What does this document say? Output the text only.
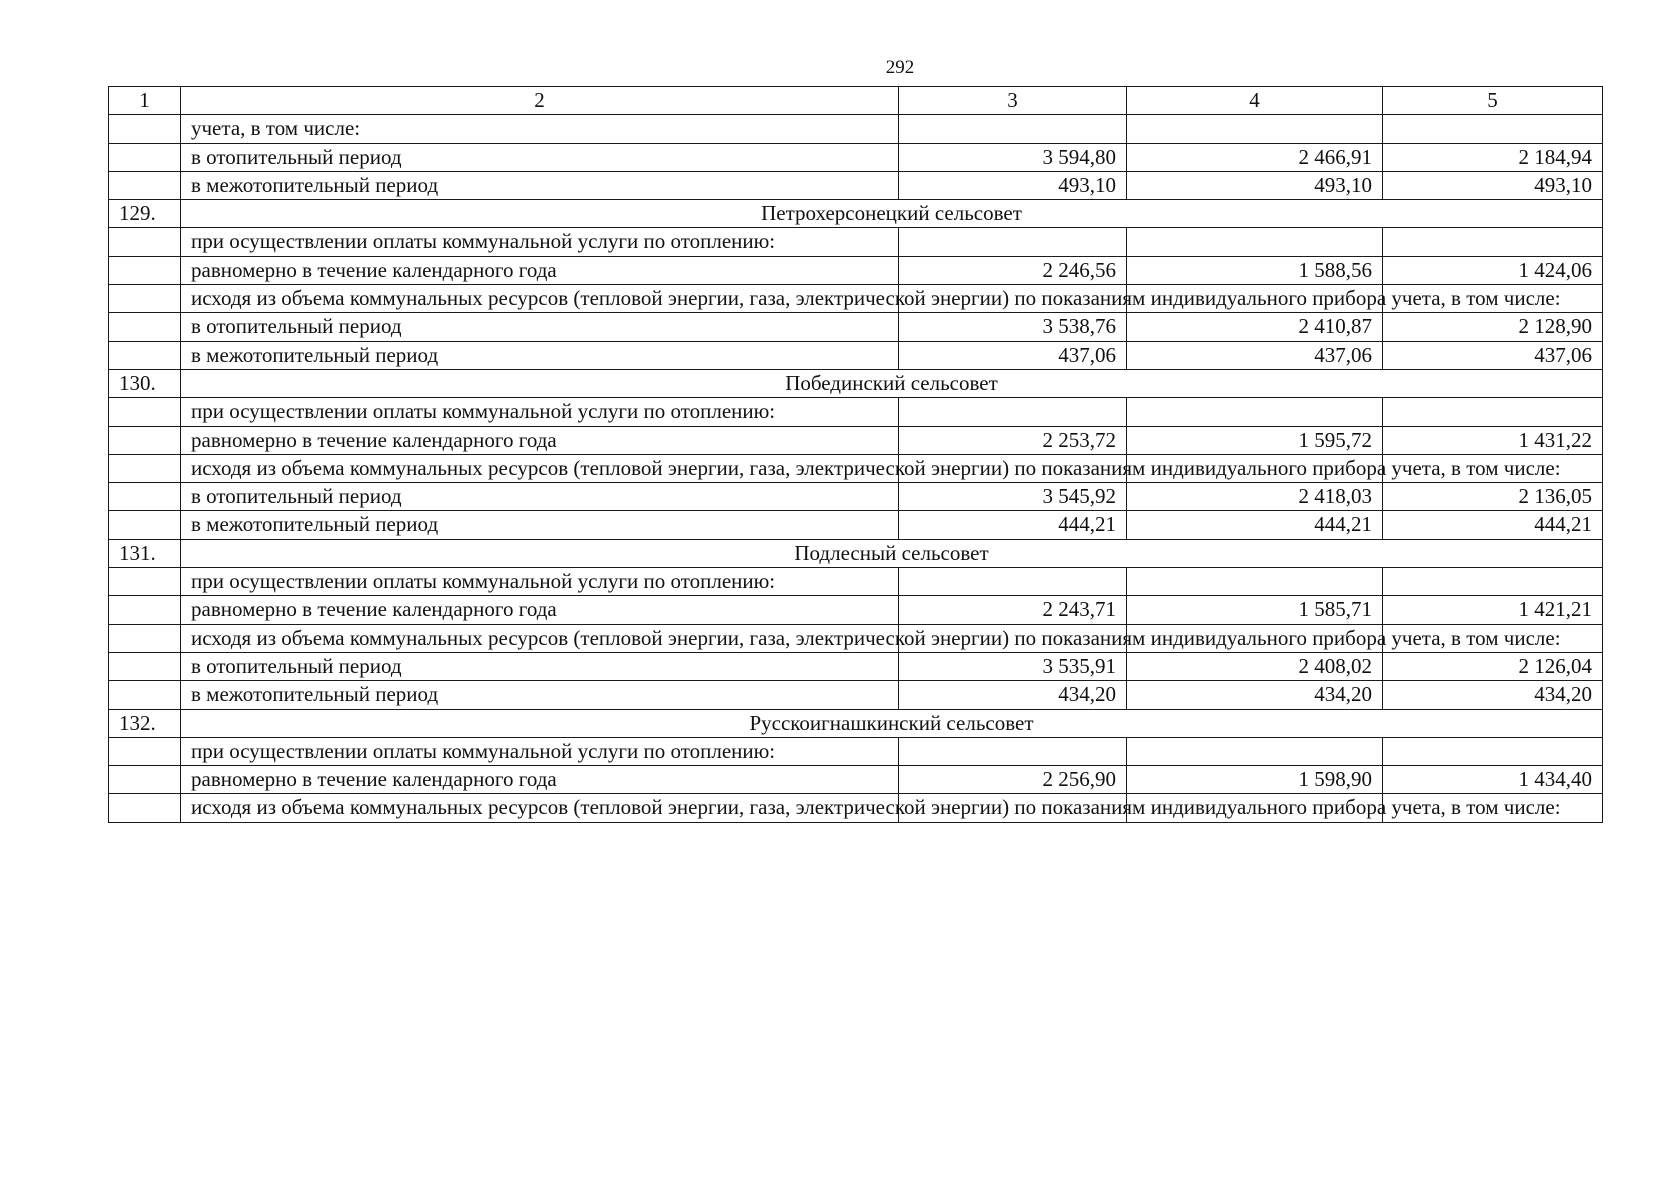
292
1	2	3	4	5
	учета, в том числе:			
	в отопительный период	3 594,80	2 466,91	2 184,94
	в межотопительный период	493,10	493,10	493,10
129.	Петрохерсонецкий сельсовет			
	при осуществлении оплаты коммунальной услуги по отоплению:			
	равномерно в течение календарного года	2 246,56	1 588,56	1 424,06
	исходя из объема коммунальных ресурсов (тепловой энергии, газа, электрической энергии) по показаниям индивидуального прибора учета, в том числе:			
	в отопительный период	3 538,76	2 410,87	2 128,90
	в межотопительный период	437,06	437,06	437,06
130.	Побединский сельсовет			
	при осуществлении оплаты коммунальной услуги по отоплению:			
	равномерно в течение календарного года	2 253,72	1 595,72	1 431,22
	исходя из объема коммунальных ресурсов (тепловой энергии, газа, электрической энергии) по показаниям индивидуального прибора учета, в том числе:			
	в отопительный период	3 545,92	2 418,03	2 136,05
	в межотопительный период	444,21	444,21	444,21
131.	Подлесный сельсовет			
	при осуществлении оплаты коммунальной услуги по отоплению:			
	равномерно в течение календарного года	2 243,71	1 585,71	1 421,21
	исходя из объема коммунальных ресурсов (тепловой энергии, газа, электрической энергии) по показаниям индивидуального прибора учета, в том числе:			
	в отопительный период	3 535,91	2 408,02	2 126,04
	в межотопительный период	434,20	434,20	434,20
132.	Русскоигнашкинский сельсовет			
	при осуществлении оплаты коммунальной услуги по отоплению:			
	равномерно в течение календарного года	2 256,90	1 598,90	1 434,40
	исходя из объема коммунальных ресурсов (тепловой энергии, газа, электрической энергии) по показаниям индивидуального прибора учета, в том числе:			
